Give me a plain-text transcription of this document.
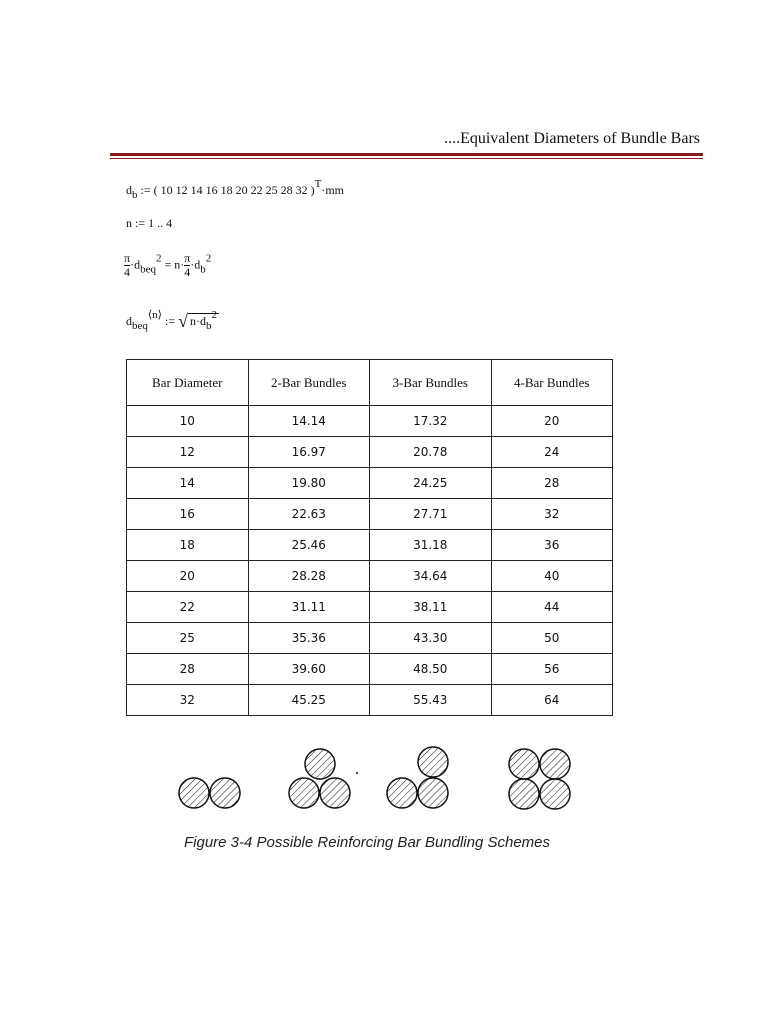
....Equivalent Diameters of Bundle Bars
$d_b$ := ( 10 12 14 16 18 20 22 25 28 32 )$^T$·mm
n := 1 .. 4
$\frac{\pi}{4} \cdot d_{beq}^2 = n\cdot \frac{\pi}{4} \cdot d_b^2$
$d_{beq}^{⟨n⟩}$ := √ $n\cdot d_b^2$
Bar Diameter	2-Bar Bundles	3-Bar Bundles	4-Bar Bundles
10	14.14	17.32	20
12	16.97	20.78	24
14	19.80	24.25	28
16	22.63	27.71	32
18	25.46	31.18	36
20	28.28	34.64	40
22	31.11	38.11	44
25	35.36	43.30	50
28	39.60	48.50	56
32	45.25	55.43	64
Figure 3-4 Possible Reinforcing Bar Bundling Schemes
